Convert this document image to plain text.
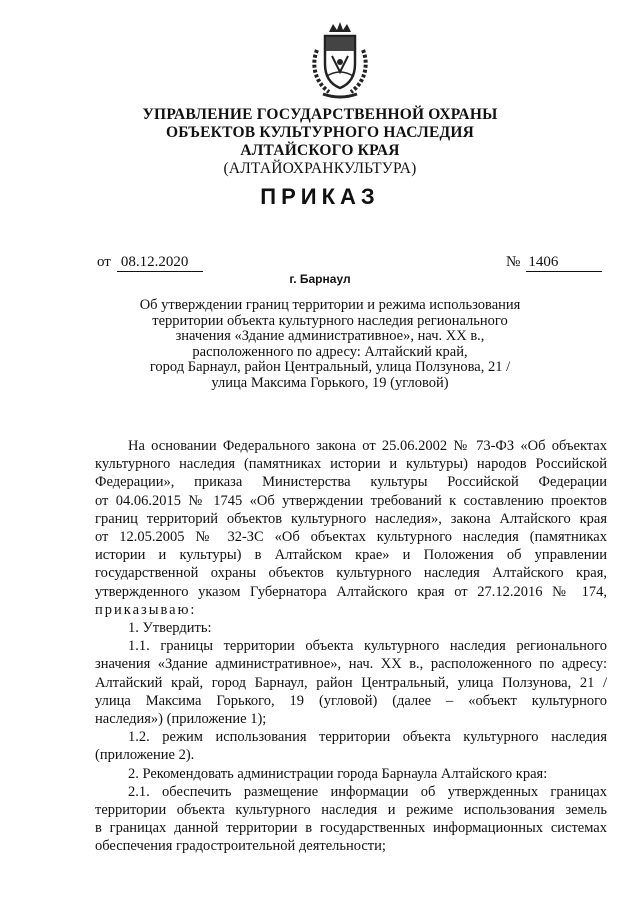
УПРАВЛЕНИЕ ГОСУДАРСТВЕННОЙ ОХРАНЫ
ОБЪЕКТОВ КУЛЬТУРНОГО НАСЛЕДИЯ
АЛТАЙСКОГО КРАЯ
(АЛТАЙОХРАНКУЛЬТУРА)
ПРИКАЗ
от 08.12.2020	№ 1406
г. Барнаул
Об утверждении границ территории и режима использования
территории объекта культурного наследия регионального
значения «Здание административное», нач. XX в.,
расположенного по адресу: Алтайский край,
город Барнаул, район Центральный, улица Ползунова, 21 /
улица Максима Горького, 19 (угловой)
На основании Федерального закона от 25.06.2002 № 73-ФЗ «Об объектах
культурного наследия (памятниках истории и культуры) народов Российской
Федерации», приказа Министерства культуры Российской Федерации
от 04.06.2015 № 1745 «Об утверждении требований к составлению проектов
границ территорий объектов культурного наследия», закона Алтайского края
от 12.05.2005 № 32-ЗС «Об объектах культурного наследия (памятниках
истории и культуры) в Алтайском крае» и Положения об управлении
государственной охраны объектов культурного наследия Алтайского края,
утвержденного указом Губернатора Алтайского края от 27.12.2016 № 174,
приказываю:
1. Утвердить:
1.1. границы территории объекта культурного наследия регионального
значения «Здание административное», нач. XX в., расположенного по адресу:
Алтайский край, город Барнаул, район Центральный, улица Ползунова, 21 /
улица Максима Горького, 19 (угловой) (далее – «объект культурного
наследия») (приложение 1);
1.2. режим использования территории объекта культурного наследия
(приложение 2).
2. Рекомендовать администрации города Барнаула Алтайского края:
2.1. обеспечить размещение информации об утвержденных границах
территории объекта культурного наследия и режиме использования земель
в границах данной территории в государственных информационных системах
обеспечения градостроительной деятельности;
